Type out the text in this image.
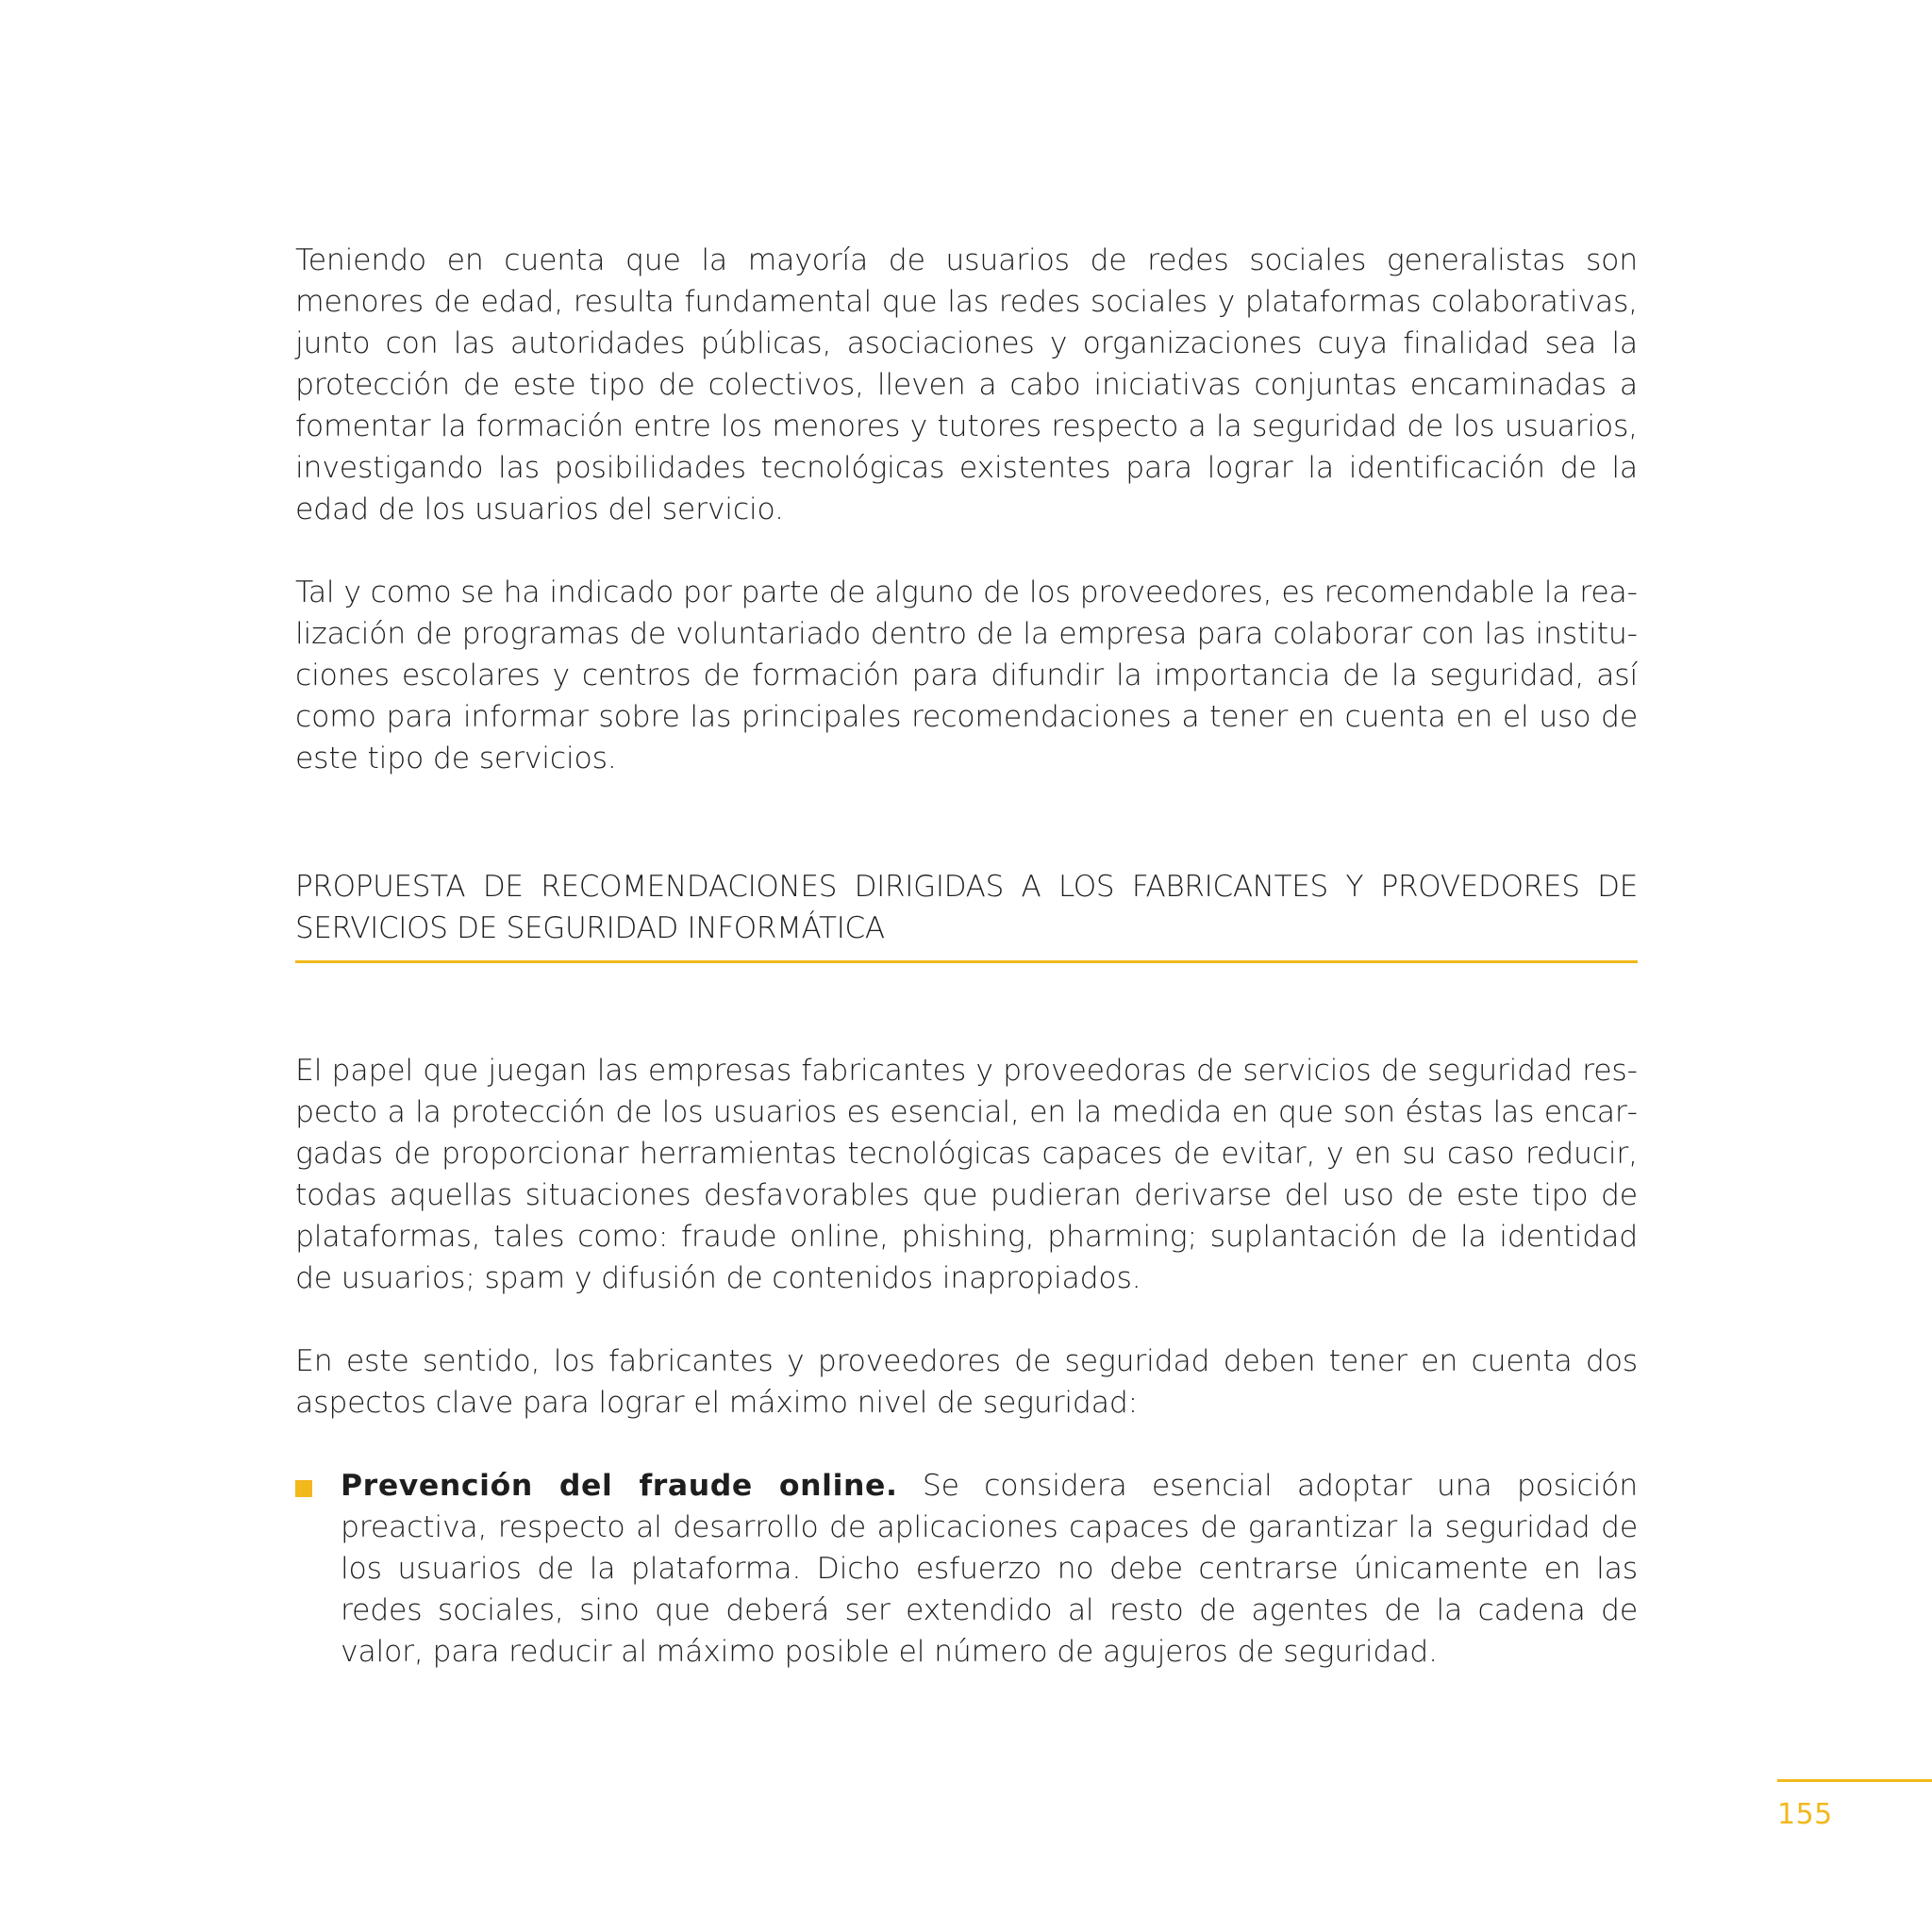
Teniendo en cuenta que la mayoría de usuarios de redes sociales generalistas son menores de edad, resulta fundamental que las redes sociales y plataformas colaborativas, junto con las autoridades públicas, asociaciones y organizaciones cuya finalidad sea la protección de este tipo de colectivos, lleven a cabo iniciativas conjuntas encaminadas a fomentar la formación entre los menores y tutores respecto a la seguridad de los usuarios, investigando las posibilidades tecnológicas existentes para lograr la identificación de la edad de los usuarios del servicio.

Tal y como se ha indicado por parte de alguno de los proveedores, es recomendable la realización de programas de voluntariado dentro de la empresa para colaborar con las instituciones escolares y centros de formación para difundir la importancia de la seguridad, así como para informar sobre las principales recomendaciones a tener en cuenta en el uso de este tipo de servicios.

PROPUESTA DE RECOMENDACIONES DIRIGIDAS A LOS FABRICANTES Y PROVEDORES DE SERVICIOS DE SEGURIDAD INFORMÁTICA

El papel que juegan las empresas fabricantes y proveedoras de servicios de seguridad respecto a la protección de los usuarios es esencial, en la medida en que son éstas las encargadas de proporcionar herramientas tecnológicas capaces de evitar, y en su caso reducir, todas aquellas situaciones desfavorables que pudieran derivarse del uso de este tipo de plataformas, tales como: fraude online, phishing, pharming; suplantación de la identidad de usuarios; spam y difusión de contenidos inapropiados.

En este sentido, los fabricantes y proveedores de seguridad deben tener en cuenta dos aspectos clave para lograr el máximo nivel de seguridad:

Prevención del fraude online. Se considera esencial adoptar una posición preactiva, respecto al desarrollo de aplicaciones capaces de garantizar la seguridad de los usuarios de la plataforma. Dicho esfuerzo no debe centrarse únicamente en las redes sociales, sino que deberá ser extendido al resto de agentes de la cadena de valor, para reducir al máximo posible el número de agujeros de seguridad.

155
